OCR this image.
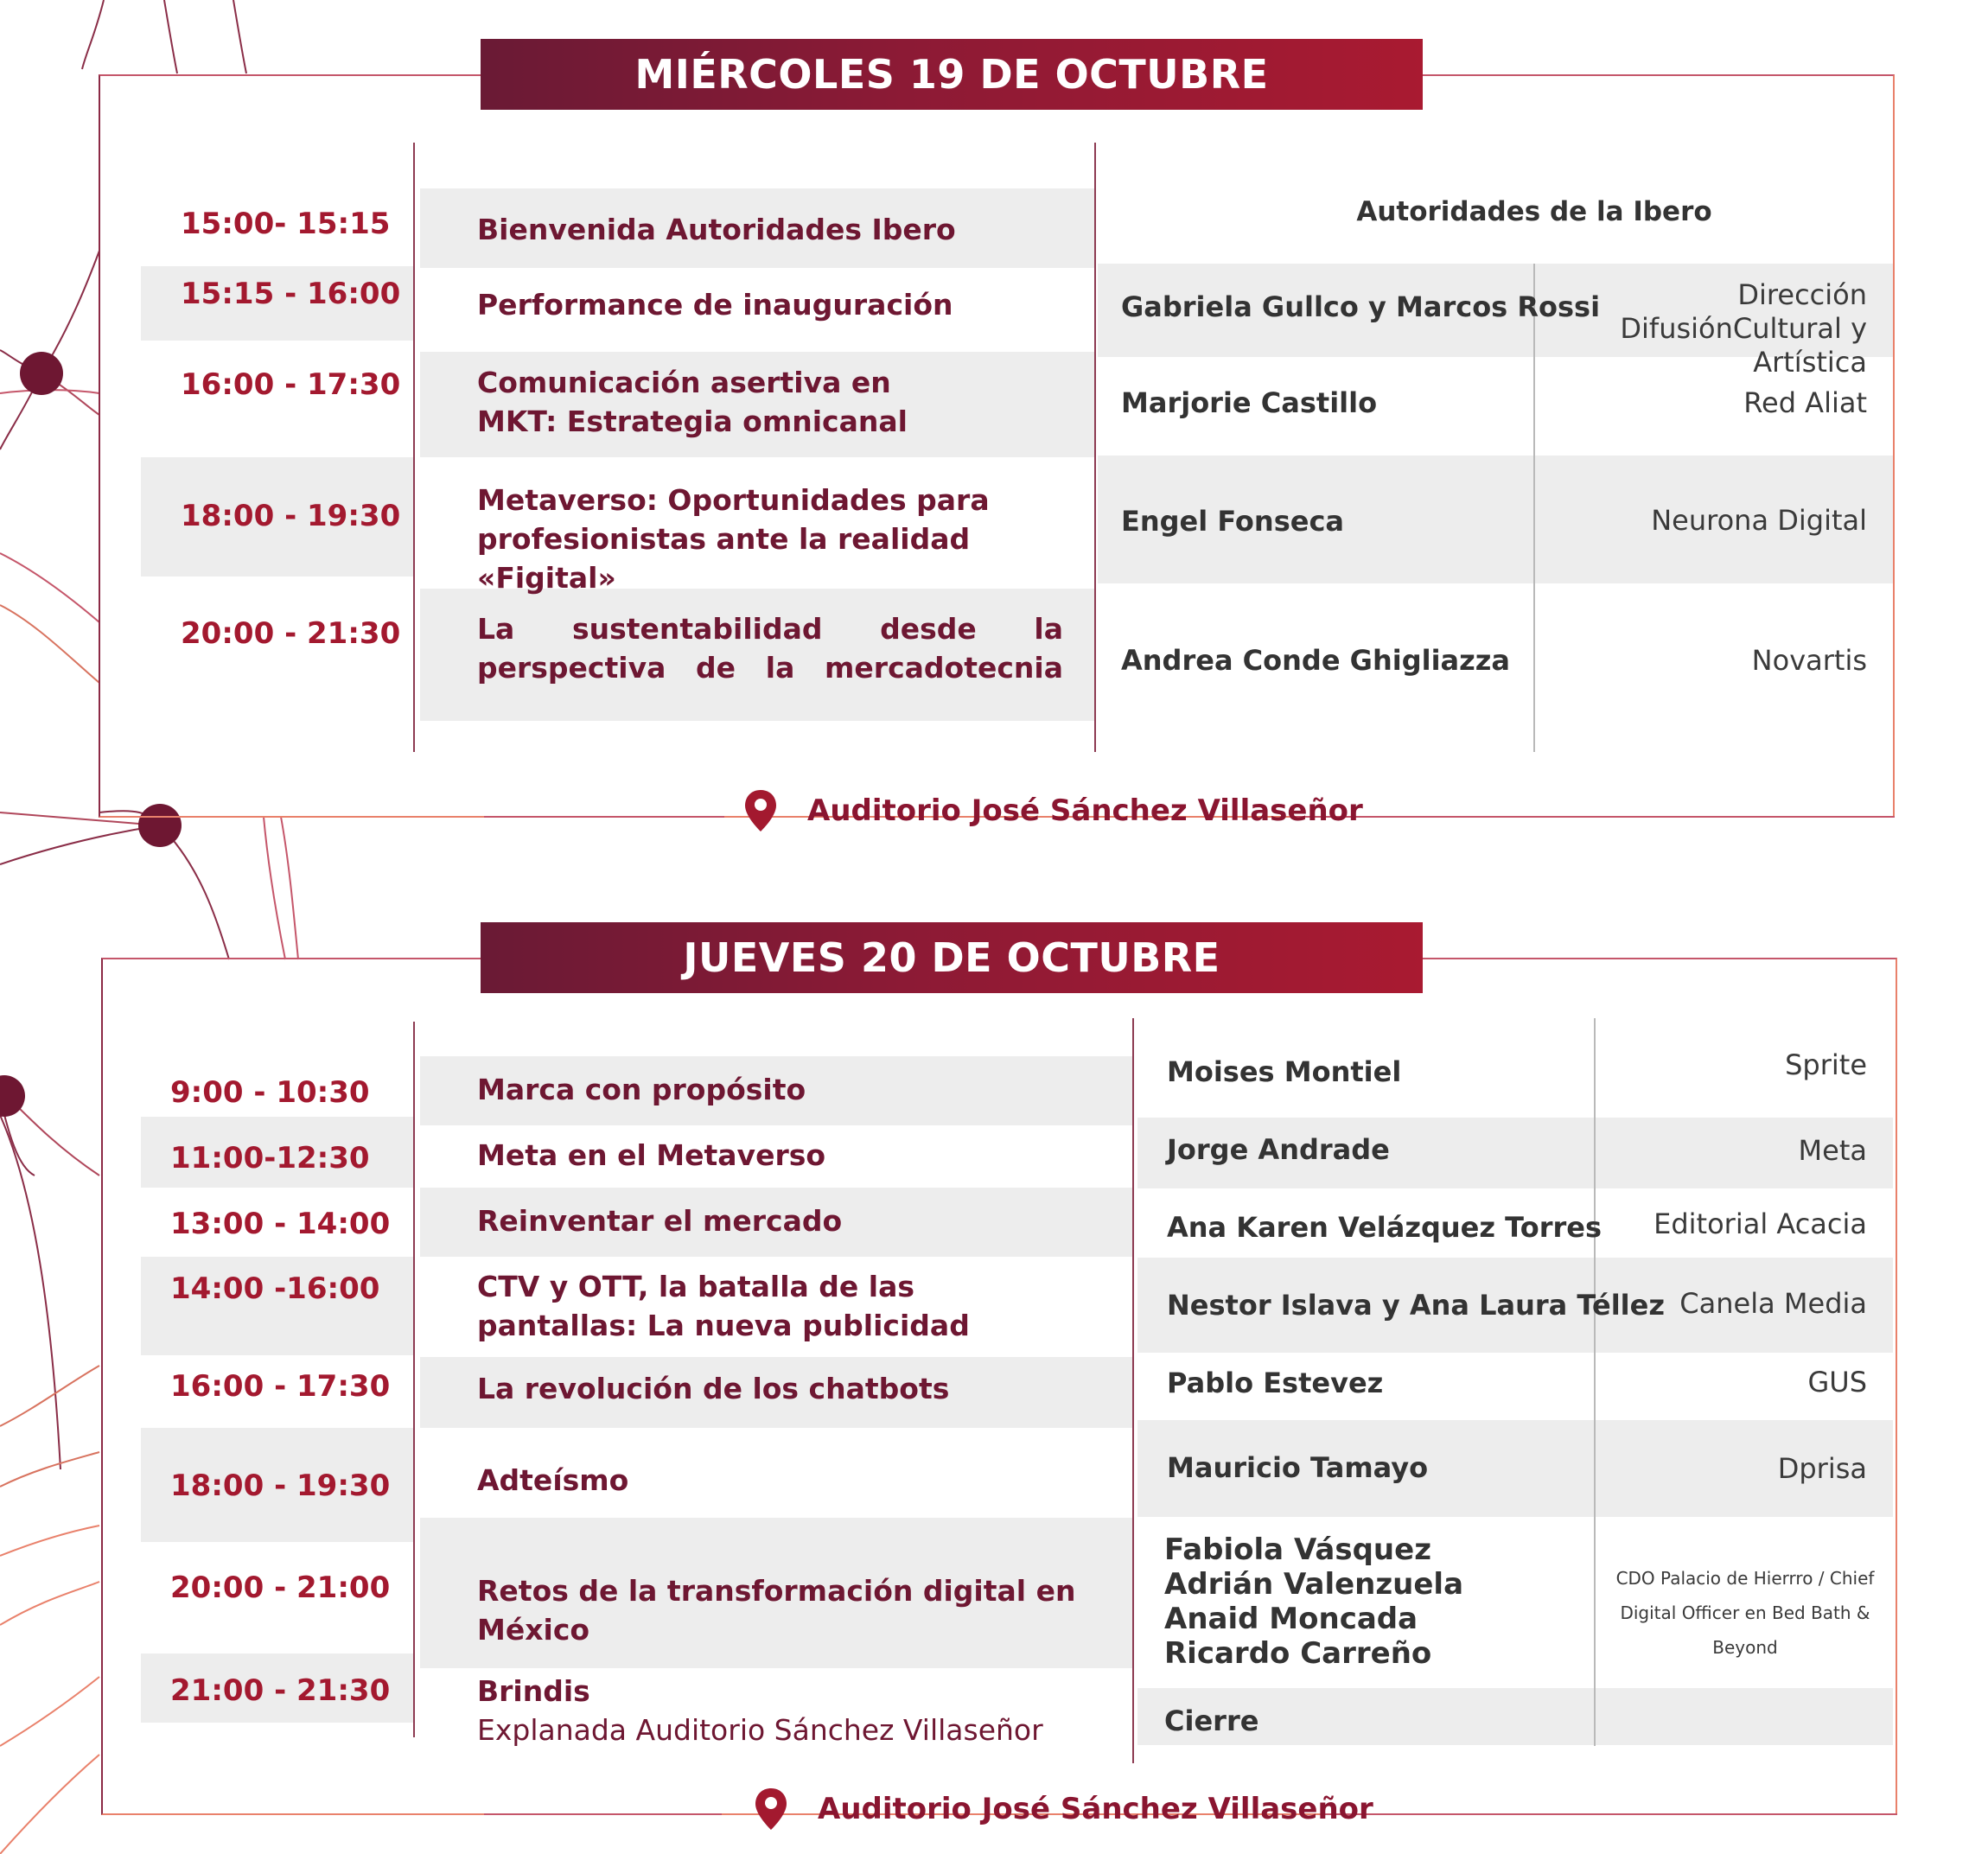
MIÉRCOLES 19 DE OCTUBRE
15:00- 15:15
15:15 - 16:00
16:00 - 17:30
18:00 - 19:30
20:00 - 21:30
Bienvenida Autoridades Ibero
Performance de inauguración
Comunicación asertiva en MKT: Estrategia omnicanal
Metaverso: Oportunidades para profesionistas ante la realidad «Figital»
La sustentabilidad desde la perspectiva de la mercadotecnia
Autoridades de la Ibero
Gabriela Gullco y Marcos Rossi
Marjorie Castillo
Engel Fonseca
Andrea Conde Ghigliazza
Dirección DifusiónCultural y Artística
Red Aliat
Neurona Digital
Novartis
Auditorio José Sánchez Villaseñor
JUEVES 20 DE OCTUBRE
9:00 - 10:30
11:00-12:30
13:00 - 14:00
14:00 -16:00
16:00 - 17:30
18:00 - 19:30
20:00 - 21:00
21:00 - 21:30
Marca con propósito
Meta en el Metaverso
Reinventar el mercado
CTV y OTT, la batalla de las pantallas: La nueva publicidad
La revolución de los chatbots
Adteísmo
Retos de la transformación digital en México
Brindis
Explanada Auditorio Sánchez Villaseñor
Moises Montiel
Jorge Andrade
Ana Karen Velázquez Torres
Nestor Islava y Ana Laura Téllez
Pablo Estevez
Mauricio Tamayo
Fabiola Vásquez
Adrián Valenzuela
Anaid Moncada
Ricardo Carreño
Cierre
Sprite
Meta
Editorial Acacia
Canela Media
GUS
Dprisa
CDO Palacio de Hierrro / Chief
Digital Officer en Bed Bath & Beyond
Auditorio José Sánchez Villaseñor
